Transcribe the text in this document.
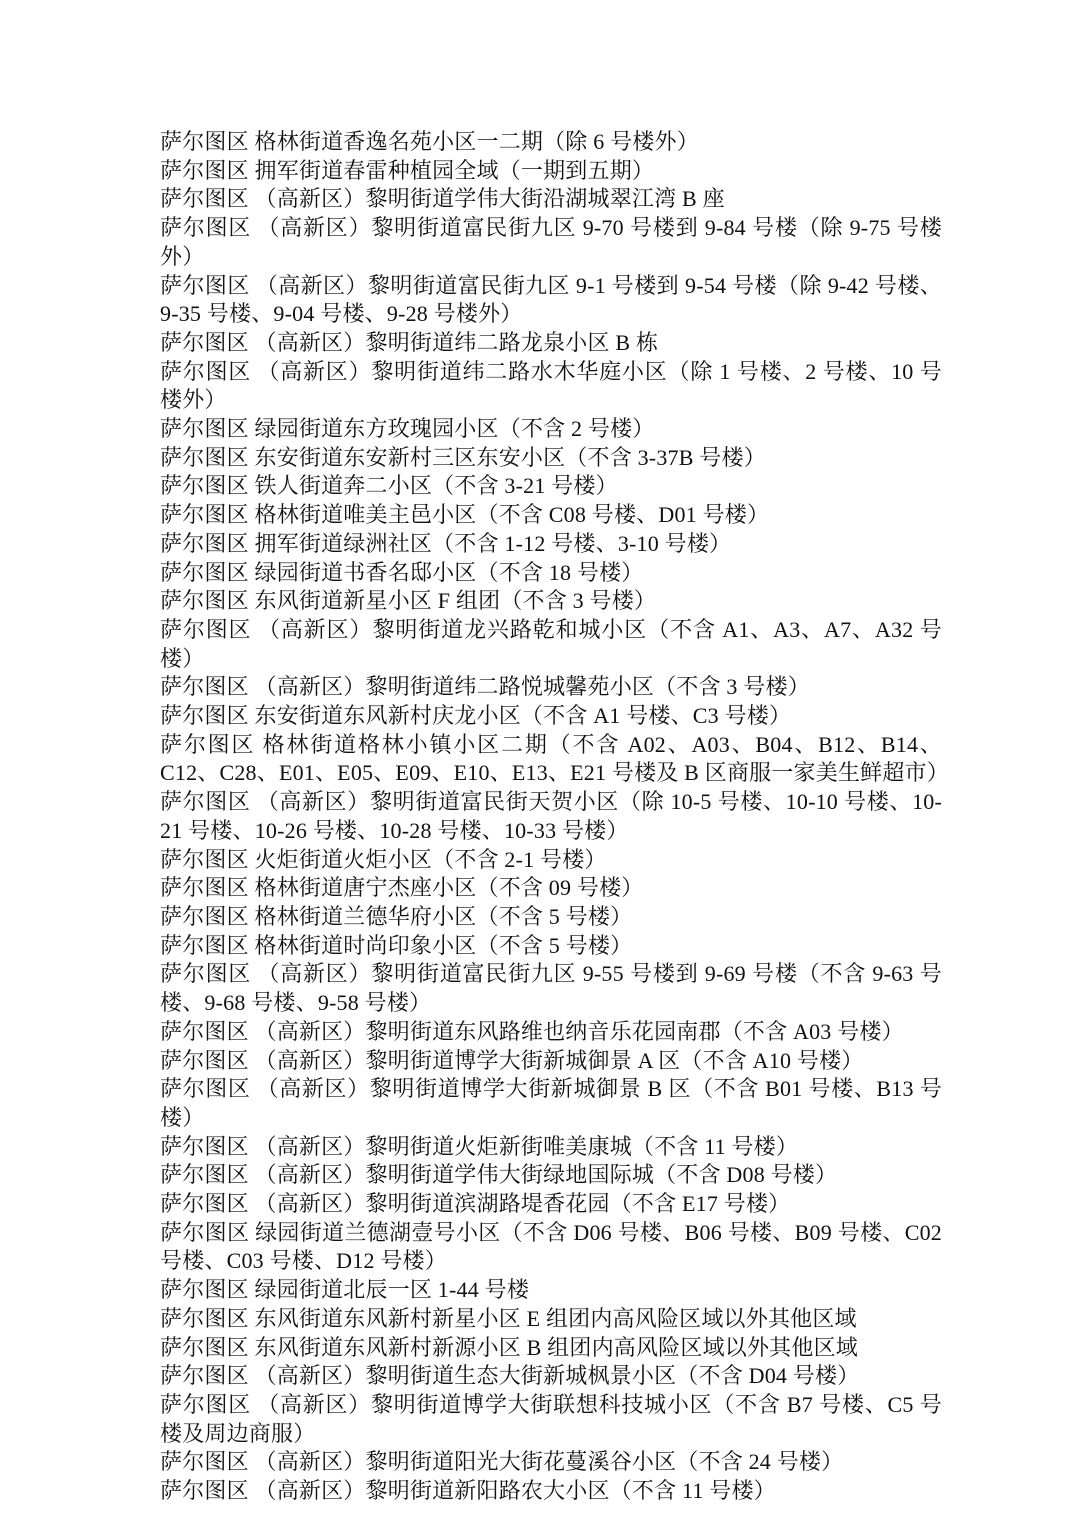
萨尔图区 格林街道香逸名苑小区一二期（除 6 号楼外）

萨尔图区 拥军街道春雷种植园全域（一期到五期）

萨尔图区 （高新区）黎明街道学伟大街沿湖城翠江湾 B 座

萨尔图区 （高新区）黎明街道富民街九区 9-70 号楼到 9-84 号楼（除 9-75 号楼外）

萨尔图区 （高新区）黎明街道富民街九区 9-1 号楼到 9-54 号楼（除 9-42 号楼、9-35 号楼、9-04 号楼、9-28 号楼外）

萨尔图区 （高新区）黎明街道纬二路龙泉小区 B 栋

萨尔图区 （高新区）黎明街道纬二路水木华庭小区（除 1 号楼、2 号楼、10 号楼外）

萨尔图区 绿园街道东方玫瑰园小区（不含 2 号楼）

萨尔图区 东安街道东安新村三区东安小区（不含 3-37B 号楼）

萨尔图区 铁人街道奔二小区（不含 3-21 号楼）

萨尔图区 格林街道唯美主邑小区（不含 C08 号楼、D01 号楼）

萨尔图区 拥军街道绿洲社区（不含 1-12 号楼、3-10 号楼）

萨尔图区 绿园街道书香名邸小区（不含 18 号楼）

萨尔图区 东风街道新星小区 F 组团（不含 3 号楼）

萨尔图区 （高新区）黎明街道龙兴路乾和城小区（不含 A1、A3、A7、A32 号楼）

萨尔图区 （高新区）黎明街道纬二路悦城馨苑小区（不含 3 号楼）

萨尔图区 东安街道东风新村庆龙小区（不含 A1 号楼、C3 号楼）

萨尔图区 格林街道格林小镇小区二期（不含 A02、A03、B04、B12、B14、C12、C28、E01、E05、E09、E10、E13、E21 号楼及 B 区商服一家美生鲜超市）

萨尔图区 （高新区）黎明街道富民街天贺小区（除 10-5 号楼、10-10 号楼、10-21 号楼、10-26 号楼、10-28 号楼、10-33 号楼）

萨尔图区 火炬街道火炬小区（不含 2-1 号楼）

萨尔图区 格林街道唐宁杰座小区（不含 09 号楼）

萨尔图区 格林街道兰德华府小区（不含 5 号楼）

萨尔图区 格林街道时尚印象小区（不含 5 号楼）

萨尔图区 （高新区）黎明街道富民街九区 9-55 号楼到 9-69 号楼（不含 9-63 号楼、9-68 号楼、9-58 号楼）

萨尔图区 （高新区）黎明街道东风路维也纳音乐花园南郡（不含 A03 号楼）

萨尔图区 （高新区）黎明街道博学大街新城御景 A 区（不含 A10 号楼）

萨尔图区 （高新区）黎明街道博学大街新城御景 B 区（不含 B01 号楼、B13 号楼）

萨尔图区 （高新区）黎明街道火炬新街唯美康城（不含 11 号楼）

萨尔图区 （高新区）黎明街道学伟大街绿地国际城（不含 D08 号楼）

萨尔图区 （高新区）黎明街道滨湖路堤香花园（不含 E17 号楼）

萨尔图区 绿园街道兰德湖壹号小区（不含 D06 号楼、B06 号楼、B09 号楼、C02 号楼、C03 号楼、D12 号楼）

萨尔图区 绿园街道北辰一区 1-44 号楼

萨尔图区 东风街道东风新村新星小区 E 组团内高风险区域以外其他区域

萨尔图区 东风街道东风新村新源小区 B 组团内高风险区域以外其他区域

萨尔图区 （高新区）黎明街道生态大街新城枫景小区（不含 D04 号楼）

萨尔图区 （高新区）黎明街道博学大街联想科技城小区（不含 B7 号楼、C5 号楼及周边商服）

萨尔图区 （高新区）黎明街道阳光大街花蔓溪谷小区（不含 24 号楼）

萨尔图区 （高新区）黎明街道新阳路农大小区（不含 11 号楼）
